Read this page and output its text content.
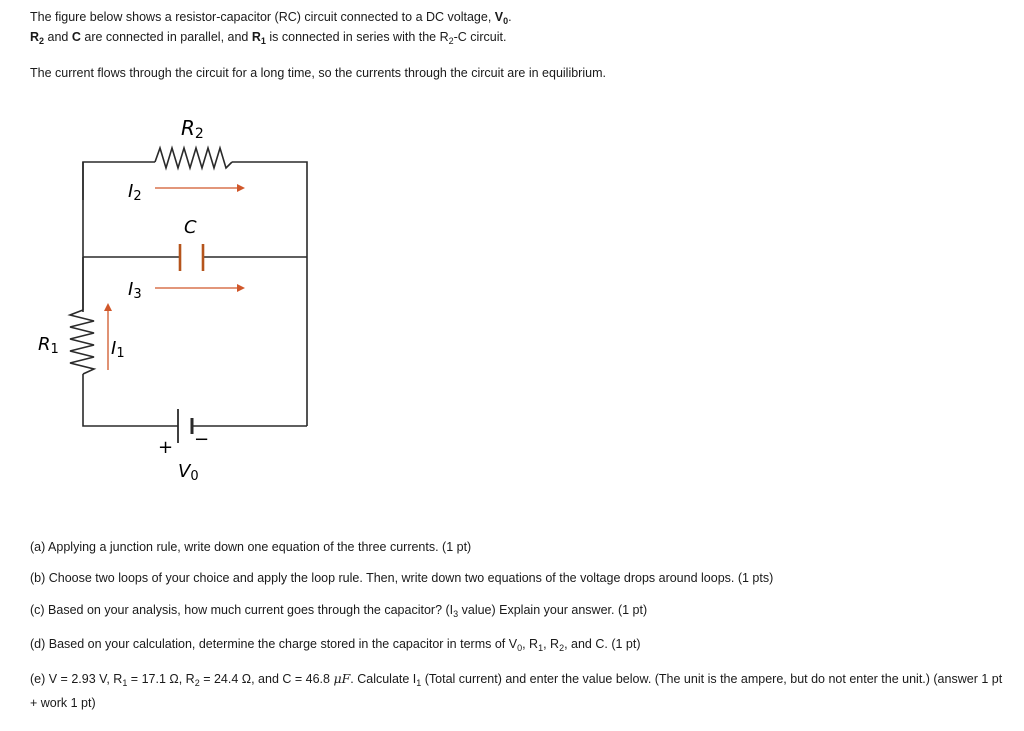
The figure below shows a resistor-capacitor (RC) circuit connected to a DC voltage, $V_0$.
$R_2$ and C are connected in parallel, and $R_1$ is connected in series with the $R_2-C$ circuit.
The current flows through the circuit for a long time, so the currents through the circuit are in equilibrium.
R2
I2
C
I3
R1	I1
+ −
V0
(a) Applying a junction rule, write down one equation of the three currents. (1 pt)
(b) Choose two loops of your choice and apply the loop rule. Then, write down two equations of the voltage drops around loops. (1 pts)
(c) Based on your analysis, how much current goes through the capacitor? ($I_3$ value) Explain your answer. (1 pt)
(d) Based on your calculation, determine the charge stored in the capacitor in terms of $V_0$, $R_1$, $R_2$, and C. (1 pt)
(e) V = 2.93 V, $R_1 = 17.1$ Ω, $R_2 = 24.4$ Ω, and C = 46.8 μF. Calculate $I_1$ (Total current) and enter the value below. (The unit is the ampere, but do not enter the unit.) (answer 1 pt + work 1 pt)
